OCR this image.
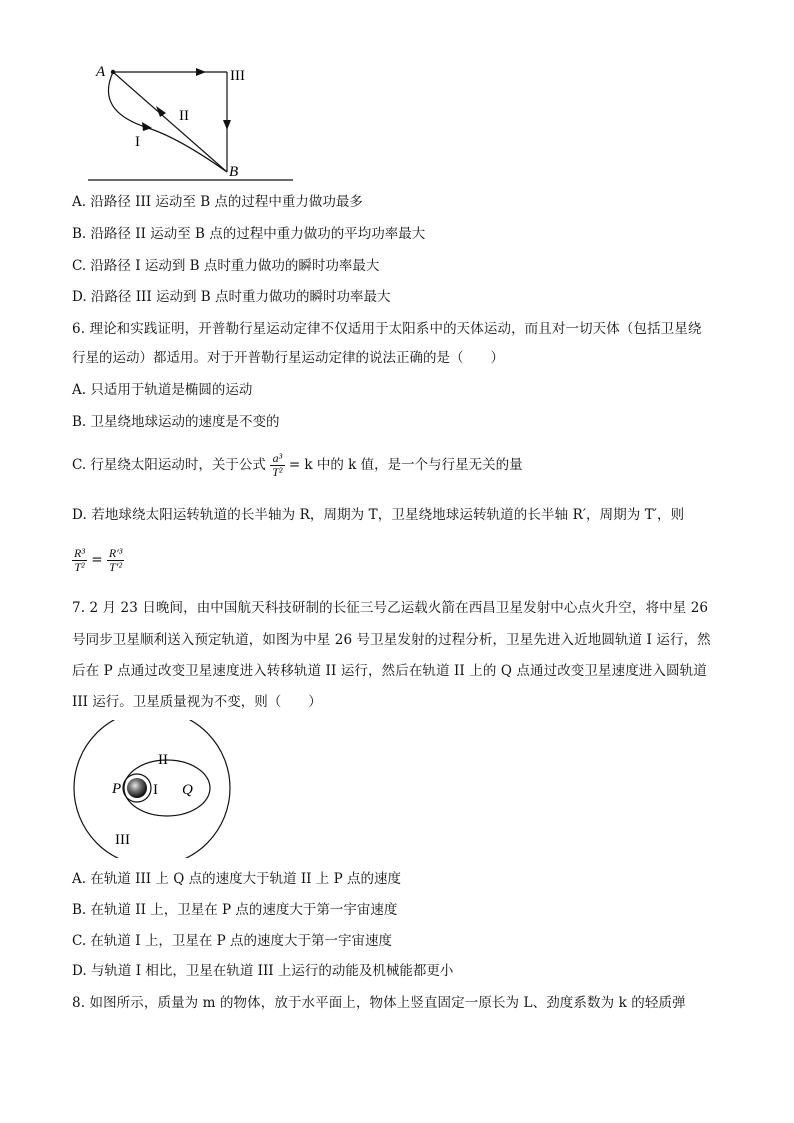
A
B
I
II
III
A. 沿路径 III 运动至 B 点的过程中重力做功最多
B. 沿路径 II 运动至 B 点的过程中重力做功的平均功率最大
C. 沿路径 I 运动到 B 点时重力做功的瞬时功率最大
D. 沿路径 III 运动到 B 点时重力做功的瞬时功率最大
6. 理论和实践证明，开普勒行星运动定律不仅适用于太阳系中的天体运动，而且对一切天体（包括卫星绕
行星的运动）都适用。对于开普勒行星运动定律的说法正确的是（　　）
A. 只适用于轨道是椭圆的运动
B. 卫星绕地球运动的速度是不变的
C. 行星绕太阳运动时，关于公式 $\frac{\text{a³}}{\text{T²}} = k$ 中的 k 值，是一个与行星无关的量
D. 若地球绕太阳运转轨道的长半轴为 R，周期为 T，卫星绕地球运转轨道的长半轴 R′，周期为 T′，则
$\frac{\text{R³}}{\text{T²}} = \frac{\text{R′³}}{\text{T′²}}$
7. 2 月 23 日晚间，由中国航天科技研制的长征三号乙运载火箭在西昌卫星发射中心点火升空，将中星 26
号同步卫星顺利送入预定轨道，如图为中星 26 号卫星发射的过程分析，卫星先进入近地圆轨道 I 运行，然
后在 P 点通过改变卫星速度进入转移轨道 II 运行，然后在轨道 II 上的 Q 点通过改变卫星速度进入圆轨道
III 运行。卫星质量视为不变，则（　　）
P I Q
II
III
A. 在轨道 III 上 Q 点的速度大于轨道 II 上 P 点的速度
B. 在轨道 II 上，卫星在 P 点的速度大于第一宇宙速度
C. 在轨道 I 上，卫星在 P 点的速度大于第一宇宙速度
D. 与轨道 I 相比，卫星在轨道 III 上运行的动能及机械能都更小
8. 如图所示，质量为 m 的物体，放于水平面上，物体上竖直固定一原长为 L、劲度系数为 k 的轻质弹
